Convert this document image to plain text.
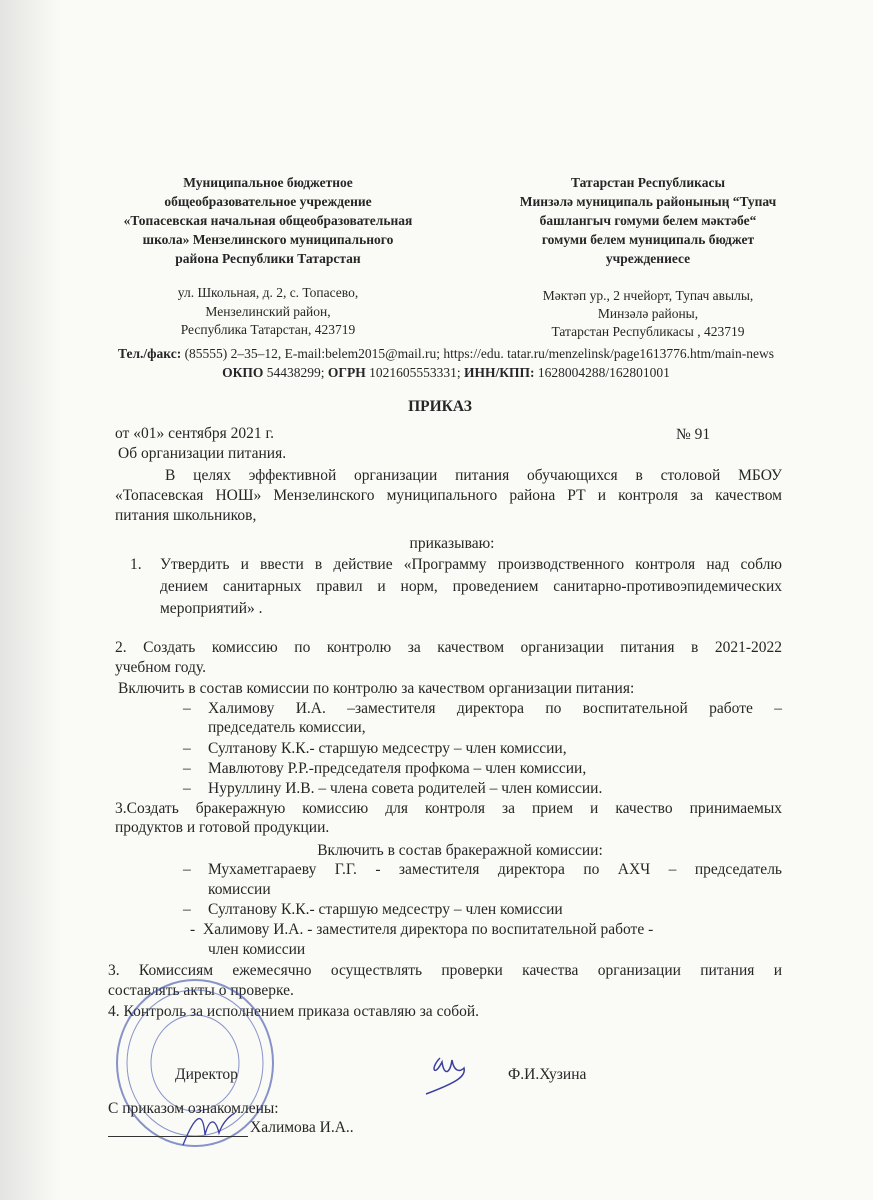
Муниципальное бюджетное
общеобразовательное учреждение
«Топасевская начальная общеобразовательная
школа» Мензелинского муниципального
района Республики Татарстан
ул. Школьная, д. 2, с. Топасево,
Мензелинский район,
Республика Татарстан, 423719
Татарстан Республикасы
Минзәлә муниципаль районының “Тупач
башлангыч гомуми белем мәктәбе“
гомуми белем муниципаль бюджет
учреждениесе
Мәктәп ур., 2 нчейорт, Тупач авылы,
Минзәлә районы,
Татарстан Республикасы , 423719
Тел./факс: (85555) 2–35–12, E-mail:belem2015@mail.ru; https://edu. tatar.ru/menzelinsk/page1613776.htm/main-news
ОКПО 54438299; ОГРН 1021605553331; ИНН/КПП: 1628004288/162801001
ПРИКАЗ
от «01» сентября 2021 г.	№ 91
Об организации питания.
В целях эффективной организации питания обучающихся в столовой МБОУ
«Топасевская НОШ» Мензелинского муниципального района РТ и контроля за качеством
питания школьников,
приказываю:
1. Утвердить и ввести в действие «Программу производственного контроля над соблю
дением санитарных правил и норм, проведением санитарно-противоэпидемических
мероприятий» .
2. Создать комиссию по контролю за качеством организации питания в 2021-2022
учебном году.
Включить в состав комиссии по контролю за качеством организации питания:
– Халимову И.А. –заместителя директора по воспитательной работе –
председатель комиссии,
– Султанову К.К.- старшую медсестру – член комиссии,
– Мавлютову Р.Р.-председателя профкома – член комиссии,
– Нуруллину И.В. – члена совета родителей – член комиссии.
3.Создать бракеражную комиссию для контроля за прием и качество принимаемых
продуктов и готовой продукции.
Включить в состав бракеражной комиссии:
– Мухаметгараеву Г.Г. - заместителя директора по АХЧ – председатель
комиссии
– Султанову К.К.- старшую медсестру – член комиссии
- Халимову И.А. - заместителя директора по воспитательной работе -
член комиссии
3. Комиссиям ежемесячно осуществлять проверки качества организации питания и
составлять акты о проверке.
4. Контроль за исполнением приказа оставляю за собой.
Директор	Ф.И.Хузина
С приказом ознакомлены:
Халимова И.А..
